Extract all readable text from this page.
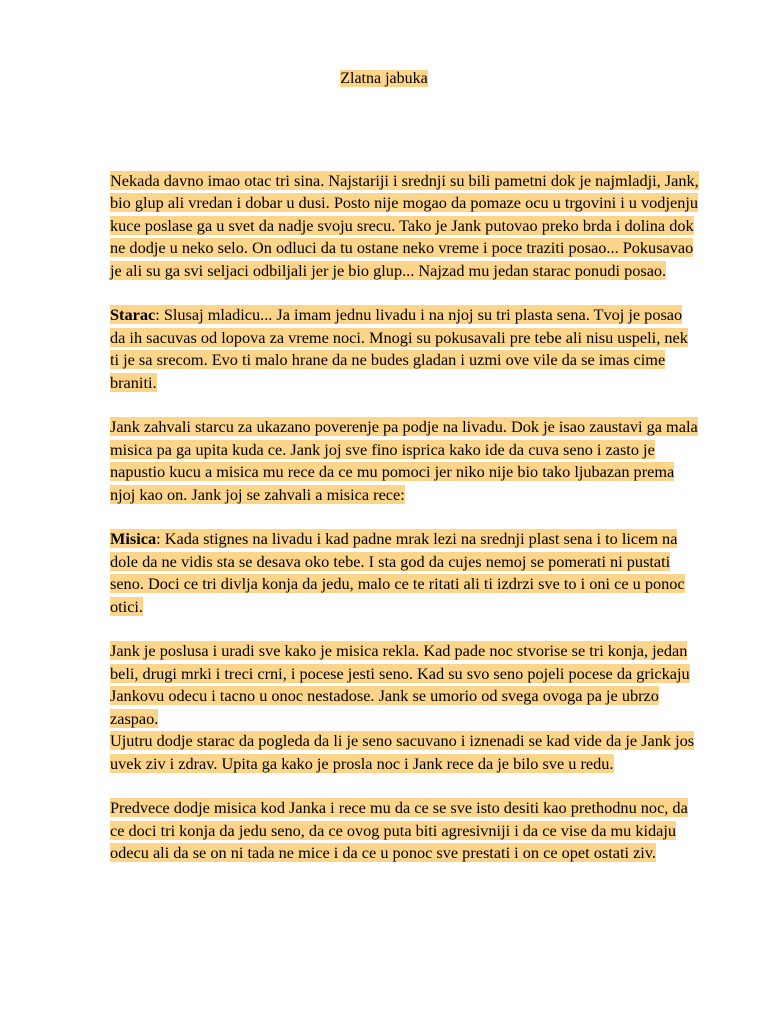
Zlatna jabuka

Nekada davno imao otac tri sina. Najstariji i srednji su bili pametni dok je najmladji, Jank, bio glup ali vredan i dobar u dusi. Posto nije mogao da pomaze ocu u trgovini i u vodjenju kuce poslase ga u svet da nadje svoju srecu. Tako je Jank putovao preko brda i dolina dok ne dodje u neko selo. On odluci da tu ostane neko vreme i poce traziti posao... Pokusavao je ali su ga svi seljaci odbiljali jer je bio glup... Najzad mu jedan starac ponudi posao.

Starac: Slusaj mladicu... Ja imam jednu livadu i na njoj su tri plasta sena. Tvoj je posao da ih sacuvas od lopova za vreme noci. Mnogi su pokusavali pre tebe ali nisu uspeli, nek ti je sa srecom. Evo ti malo hrane da ne budes gladan i uzmi ove vile da se imas cime braniti.

Jank zahvali starcu za ukazano poverenje pa podje na livadu. Dok je isao zaustavi ga mala misica pa ga upita kuda ce. Jank joj sve fino isprica kako ide da cuva seno i zasto je napustio kucu a misica mu rece da ce mu pomoci jer niko nije bio tako ljubazan prema njoj kao on. Jank joj se zahvali a misica rece:

Misica: Kada stignes na livadu i kad padne mrak lezi na srednji plast sena i to licem na dole da ne vidis sta se desava oko tebe. I sta god da cujes nemoj se pomerati ni pustati seno. Doci ce tri divlja konja da jedu, malo ce te ritati ali ti izdrzi sve to i oni ce u ponoc otici.

Jank je poslusa i uradi sve kako je misica rekla. Kad pade noc stvorise se tri konja, jedan beli, drugi mrki i treci crni, i pocese jesti seno. Kad su svo seno pojeli pocese da grickaju Jankovu odecu i tacno u onoc nestadose. Jank se umorio od svega ovoga pa je ubrzo zaspao.

Ujutru dodje starac da pogleda da li je seno sacuvano i iznenadi se kad vide da je Jank jos uvek ziv i zdrav. Upita ga kako je prosla noc i Jank rece da je bilo sve u redu.

Predvece dodje misica kod Janka i rece mu da ce se sve isto desiti kao prethodnu noc, da ce doci tri konja da jedu seno, da ce ovog puta biti agresivniji i da ce vise da mu kidaju odecu ali da se on ni tada ne mice i da ce u ponoc sve prestati i on ce opet ostati ziv.
